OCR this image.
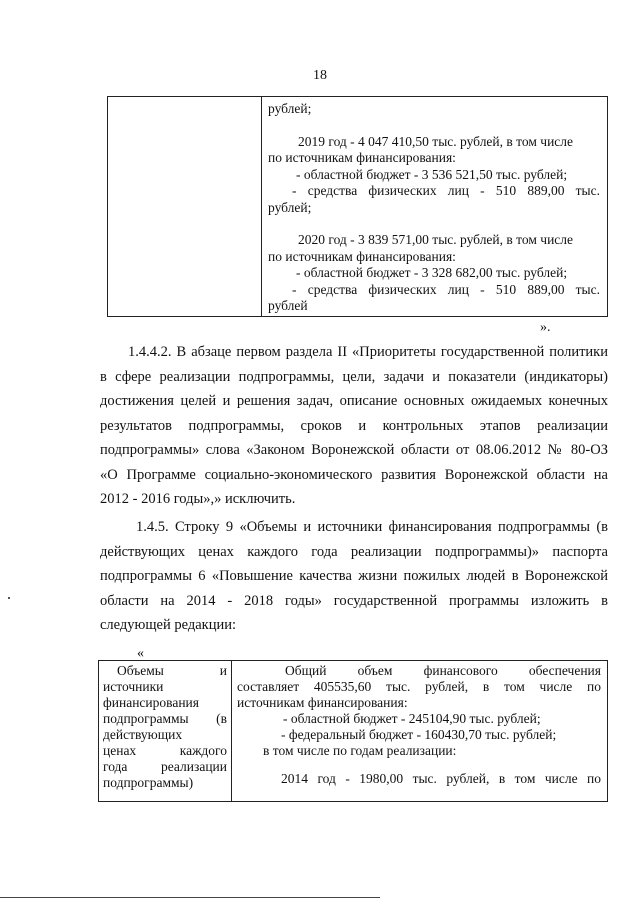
18

рублей;

2019 год - 4 047 410,50 тыс. рублей, в том числе

по источникам финансирования:

- областной бюджет - 3 536 521,50 тыс. рублей;

- средства физических лиц - 510 889,00 тыс.

рублей;

2020 год - 3 839 571,00 тыс. рублей, в том числе

по источникам финансирования:

- областной бюджет - 3 328 682,00 тыс. рублей;

- средства физических лиц - 510 889,00 тыс.

рублей

».
1.4.4.2. В абзаце первом раздела II «Приоритеты государственной политики
в сфере реализации подпрограммы, цели, задачи и показатели (индикаторы)
достижения целей и решения задач, описание основных ожидаемых конечных
результатов подпрограммы, сроков и контрольных этапов реализации
подпрограммы» слова «Законом Воронежской области от 08.06.2012 № 80-ОЗ
«О Программе социально-экономического развития Воронежской области на
2012 - 2016 годы»,» исключить.
1.4.5. Строку 9 «Объемы и источники финансирования подпрограммы (в
действующих ценах каждого года реализации подпрограммы)» паспорта
подпрограммы 6 «Повышение качества жизни пожилых людей в Воронежской
области на 2014 - 2018 годы» государственной программы изложить в
следующей редакции:
«
Объемы и
источники
финансирования
подпрограммы (в
действующих
ценах каждого
года реализации
подпрограммы)
Общий объем финансового обеспечения
составляет 405535,60 тыс. рублей, в том числе по
источникам финансирования:
- областной бюджет - 245104,90 тыс. рублей;
- федеральный бюджет - 160430,70 тыс. рублей;
в том числе по годам реализации:
2014 год - 1980,00 тыс. рублей, в том числе по
